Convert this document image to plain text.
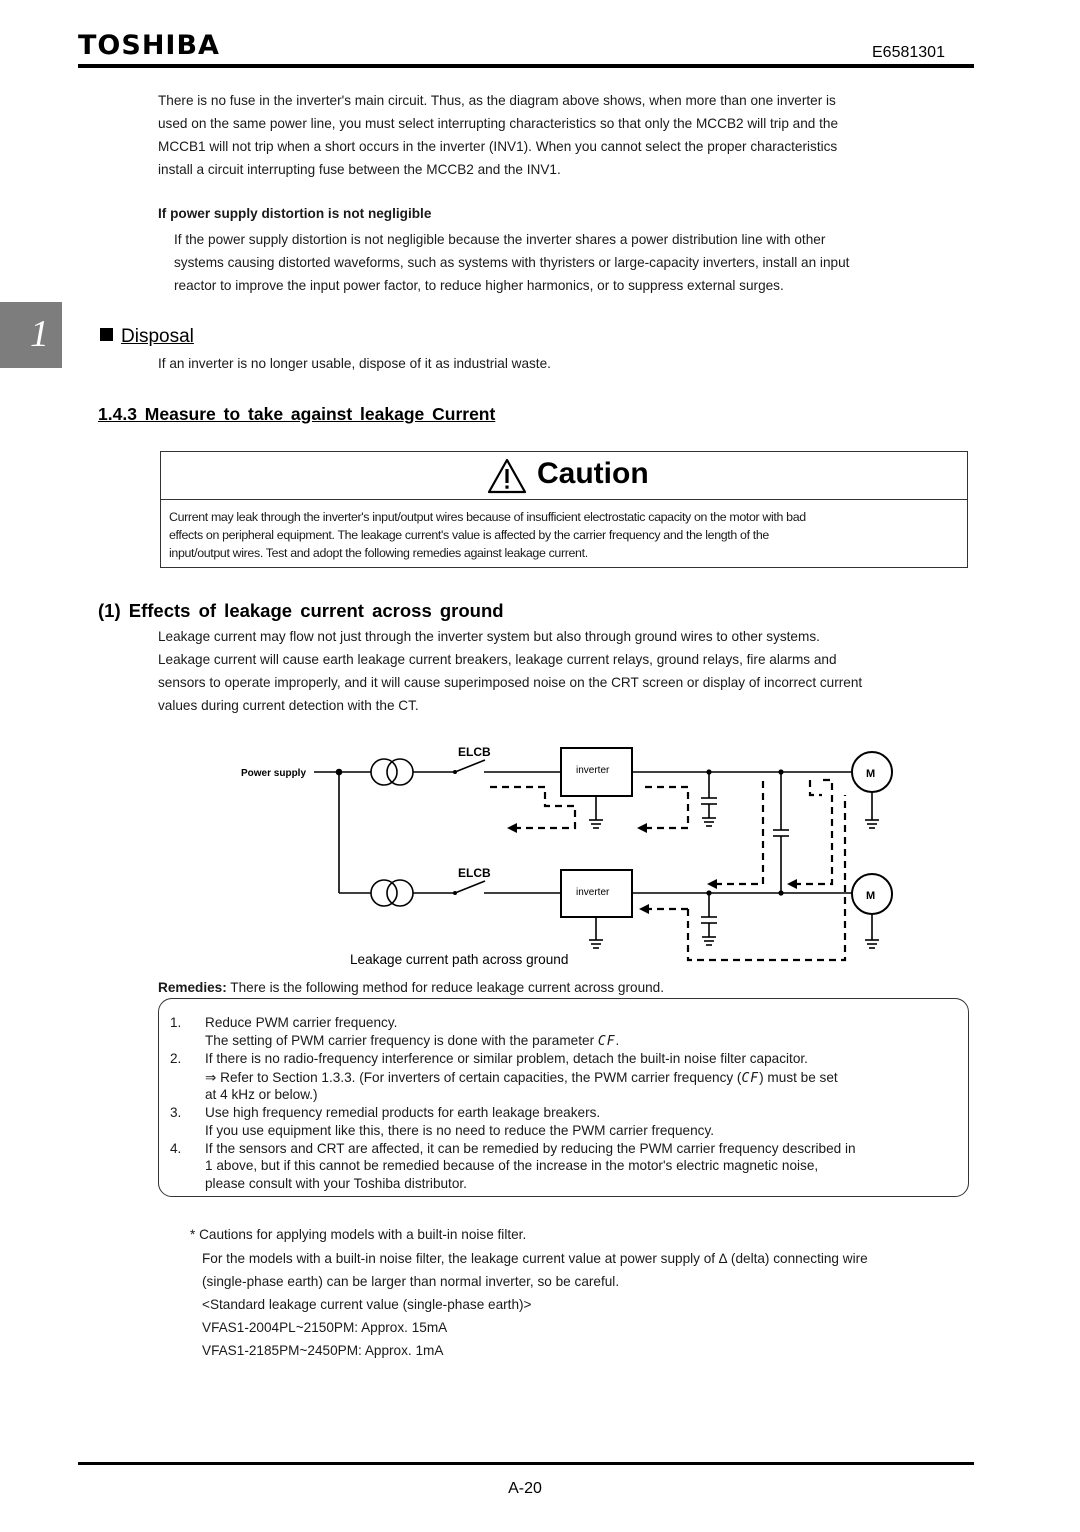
TOSHIBA	E6581301

There is no fuse in the inverter's main circuit. Thus, as the diagram above shows, when more than one inverter is

used on the same power line, you must select interrupting characteristics so that only the MCCB2 will trip and the

MCCB1 will not trip when a short occurs in the inverter (INV1). When you cannot select the proper characteristics

install a circuit interrupting fuse between the MCCB2 and the INV1.

If power supply distortion is not negligible

If the power supply distortion is not negligible because the inverter shares a power distribution line with other

systems causing distorted waveforms, such as systems with thyristers or large-capacity inverters, install an input

reactor to improve the input power factor, to reduce higher harmonics, or to suppress external surges.

1	Disposal
If an inverter is no longer usable, dispose of it as industrial waste.
1.4.3 Measure to take against leakage Current
Caution
Current may leak through the inverter's input/output wires because of insufficient electrostatic capacity on the motor with bad
effects on peripheral equipment. The leakage current's value is affected by the carrier frequency and the length of the
input/output wires. Test and adopt the following remedies against leakage current.
(1) Effects of leakage current across ground

Leakage current may flow not just through the inverter system but also through ground wires to other systems.

Leakage current will cause earth leakage current breakers, leakage current relays, ground relays, fire alarms and

sensors to operate improperly, and it will cause superimposed noise on the CRT screen or display of incorrect current

values during current detection with the CT.

Power supply
ELCB
ELCB
inverter
inverter
M
M
Leakage current path across ground
Remedies: There is the following method for reduce leakage current across ground.
1.	Reduce PWM carrier frequency.
The setting of PWM carrier frequency is done with the parameter CF.
2.	If there is no radio-frequency interference or similar problem, detach the built-in noise filter capacitor.
⇒ Refer to Section 1.3.3. (For inverters of certain capacities, the PWM carrier frequency (CF) must be set
at 4 kHz or below.)
3.	Use high frequency remedial products for earth leakage breakers.
If you use equipment like this, there is no need to reduce the PWM carrier frequency.
4.	If the sensors and CRT are affected, it can be remedied by reducing the PWM carrier frequency described in
1 above, but if this cannot be remedied because of the increase in the motor's electric magnetic noise,
please consult with your Toshiba distributor.
* Cautions for applying models with a built-in noise filter.

For the models with a built-in noise filter, the leakage current value at power supply of ∆ (delta) connecting wire

(single-phase earth) can be larger than normal inverter, so be careful.

<Standard leakage current value (single-phase earth)>

VFAS1-2004PL~2150PM: Approx. 15mA

VFAS1-2185PM~2450PM: Approx. 1mA

A-20
